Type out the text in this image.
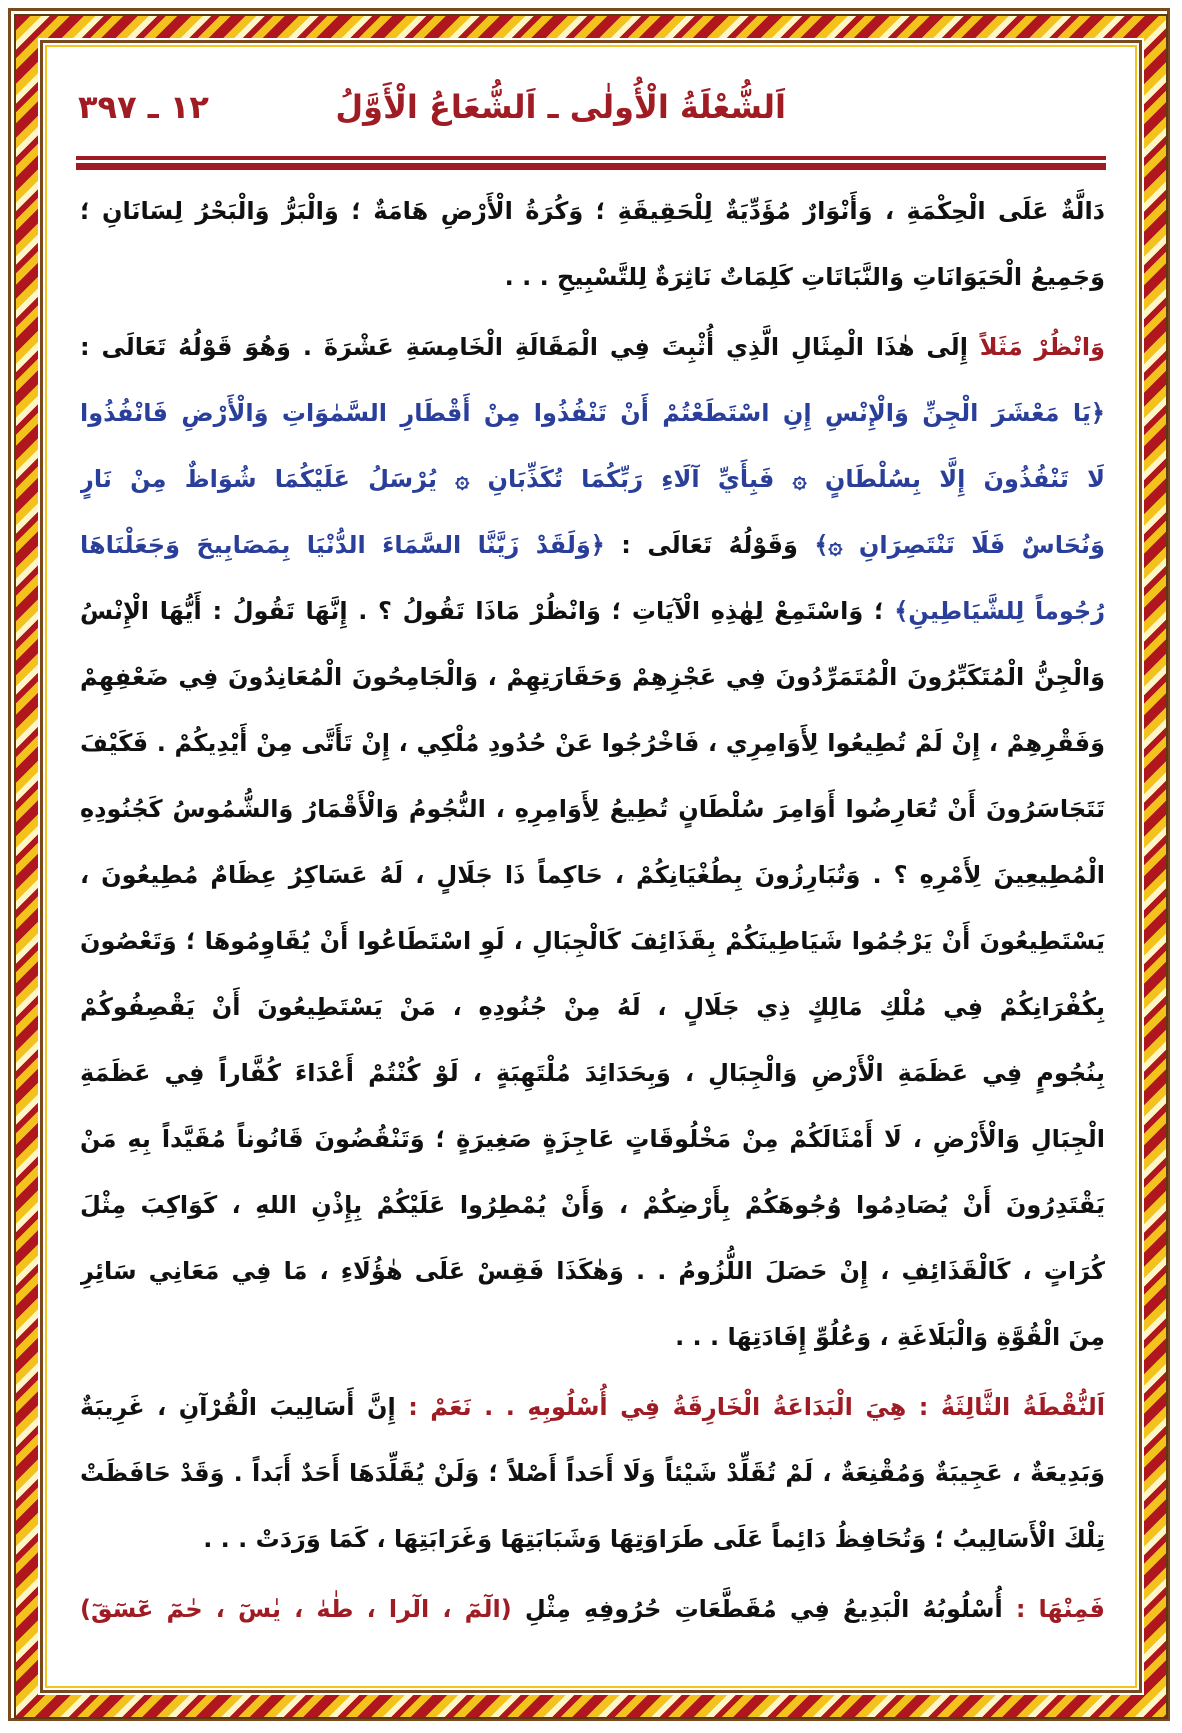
اَلشُّعْلَةُ الْأُولٰى ـ اَلشُّعَاعُ الْأَوَّلُ
١٢ ـ ٣٩٧
دَالَّةٌ عَلَى الْحِكْمَةِ ، وَأَنْوَارٌ مُؤَدِّيَةٌ لِلْحَقِيقَةِ ؛ وَكُرَةُ الْأَرْضِ هَامَةٌ ؛ وَالْبَرُّ وَالْبَحْرُ لِسَانَانِ ؛
وَجَمِيعُ الْحَيَوَانَاتِ وَالنَّبَاتَاتِ كَلِمَاتٌ نَاثِرَةٌ لِلتَّسْبِيحِ . . .
وَانْظُرْ مَثَلاً إِلَى هٰذَا الْمِثَالِ الَّذِي أُثْبِتَ فِي الْمَقَالَةِ الْخَامِسَةِ عَشْرَةَ . وَهُوَ قَوْلُهُ تَعَالَى :
﴿يَا مَعْشَرَ الْجِنِّ وَالْإِنْسِ إِنِ اسْتَطَعْتُمْ أَنْ تَنْفُذُوا مِنْ أَقْطَارِ السَّمٰوَاتِ وَالْأَرْضِ فَانْفُذُوا
لَا تَنْفُذُونَ إِلَّا بِسُلْطَانٍ ۞ فَبِأَيِّ آلَاءِ رَبِّكُمَا تُكَذِّبَانِ ۞ يُرْسَلُ عَلَيْكُمَا شُوَاظٌ مِنْ نَارٍ
وَنُحَاسٌ فَلَا تَنْتَصِرَانِ ۞﴾ وَقَوْلُهُ تَعَالَى : ﴿وَلَقَدْ زَيَّنَّا السَّمَاءَ الدُّنْيَا بِمَصَابِيحَ وَجَعَلْنَاهَا
رُجُوماً لِلشَّيَاطِينِ﴾ ؛ وَاسْتَمِعْ لِهٰذِهِ الْآيَاتِ ؛ وَانْظُرْ مَاذَا تَقُولُ ؟ . إِنَّهَا تَقُولُ : أَيُّهَا الْإِنْسُ
وَالْجِنُّ الْمُتَكَبِّرُونَ الْمُتَمَرِّدُونَ فِي عَجْزِهِمْ وَحَقَارَتِهِمْ ، وَالْجَامِحُونَ الْمُعَانِدُونَ فِي ضَعْفِهِمْ
وَفَقْرِهِمْ ، إِنْ لَمْ تُطِيعُوا لِأَوَامِرِي ، فَاخْرُجُوا عَنْ حُدُودِ مُلْكِي ، إِنْ تَأَتَّى مِنْ أَيْدِيكُمْ . فَكَيْفَ
تَتَجَاسَرُونَ أَنْ تُعَارِضُوا أَوَامِرَ سُلْطَانٍ تُطِيعُ لِأَوَامِرِهِ ، النُّجُومُ وَالْأَقْمَارُ وَالشُّمُوسُ كَجُنُودِهِ
الْمُطِيعِينَ لِأَمْرِهِ ؟ . وَتُبَارِزُونَ بِطُغْيَانِكُمْ ، حَاكِماً ذَا جَلَالٍ ، لَهُ عَسَاكِرُ عِظَامٌ مُطِيعُونَ ،
يَسْتَطِيعُونَ أَنْ يَرْجُمُوا شَيَاطِينَكُمْ بِقَذَائِفَ كَالْجِبَالِ ، لَوِ اسْتَطَاعُوا أَنْ يُقَاوِمُوهَا ؛ وَتَعْصُونَ
بِكُفْرَانِكُمْ فِي مُلْكِ مَالِكٍ ذِي جَلَالٍ ، لَهُ مِنْ جُنُودِهِ ، مَنْ يَسْتَطِيعُونَ أَنْ يَقْصِفُوكُمْ
بِنُجُومٍ فِي عَظَمَةِ الْأَرْضِ وَالْجِبَالِ ، وَبِحَدَائِدَ مُلْتَهِبَةٍ ، لَوْ كُنْتُمْ أَعْدَاءَ كُفَّاراً فِي عَظَمَةِ
الْجِبَالِ وَالْأَرْضِ ، لَا أَمْثَالَكُمْ مِنْ مَخْلُوقَاتٍ عَاجِزَةٍ صَغِيرَةٍ ؛ وَتَنْقُضُونَ قَانُوناً مُقَيَّداً بِهِ مَنْ
يَقْتَدِرُونَ أَنْ يُصَادِمُوا وُجُوهَكُمْ بِأَرْضِكُمْ ، وَأَنْ يُمْطِرُوا عَلَيْكُمْ بِإِذْنِ اللهِ ، كَوَاكِبَ مِثْلَ
كُرَاتٍ ، كَالْقَذَائِفِ ، إِنْ حَصَلَ اللُّزُومُ . . وَهٰكَذَا فَقِسْ عَلَى هٰؤُلَاءِ ، مَا فِي مَعَانِي سَائِرِ
مِنَ الْقُوَّةِ وَالْبَلَاغَةِ ، وَعُلُوِّ إِفَادَتِهَا . . .
اَلنُّقْطَةُ الثَّالِثَةُ : هِيَ الْبَدَاعَةُ الْخَارِقَةُ فِي أُسْلُوبِهِ . . نَعَمْ : إِنَّ أَسَالِيبَ الْقُرْآنِ ، غَرِيبَةٌ
وَبَدِيعَةٌ ، عَجِيبَةٌ وَمُقْنِعَةٌ ، لَمْ تُقَلِّدْ شَيْئاً وَلَا أَحَداً أَصْلاً ؛ وَلَنْ يُقَلِّدَهَا أَحَدٌ أَبَداً . وَقَدْ حَافَظَتْ
تِلْكَ الْأَسَالِيبُ ؛ وَتُحَافِظُ دَائِماً عَلَى طَرَاوَتِهَا وَشَبَابَتِهَا وَغَرَابَتِهَا ، كَمَا وَرَدَتْ . . .
فَمِنْهَا : أُسْلُوبُهُ الْبَدِيعُ فِي مُقَطَّعَاتِ حُرُوفِهِ مِثْلِ (الٓمٓ ، الٓرا ، طٰهٰ ، يٰسٓ ، حٰمٓ عٓسٓقٓ)
